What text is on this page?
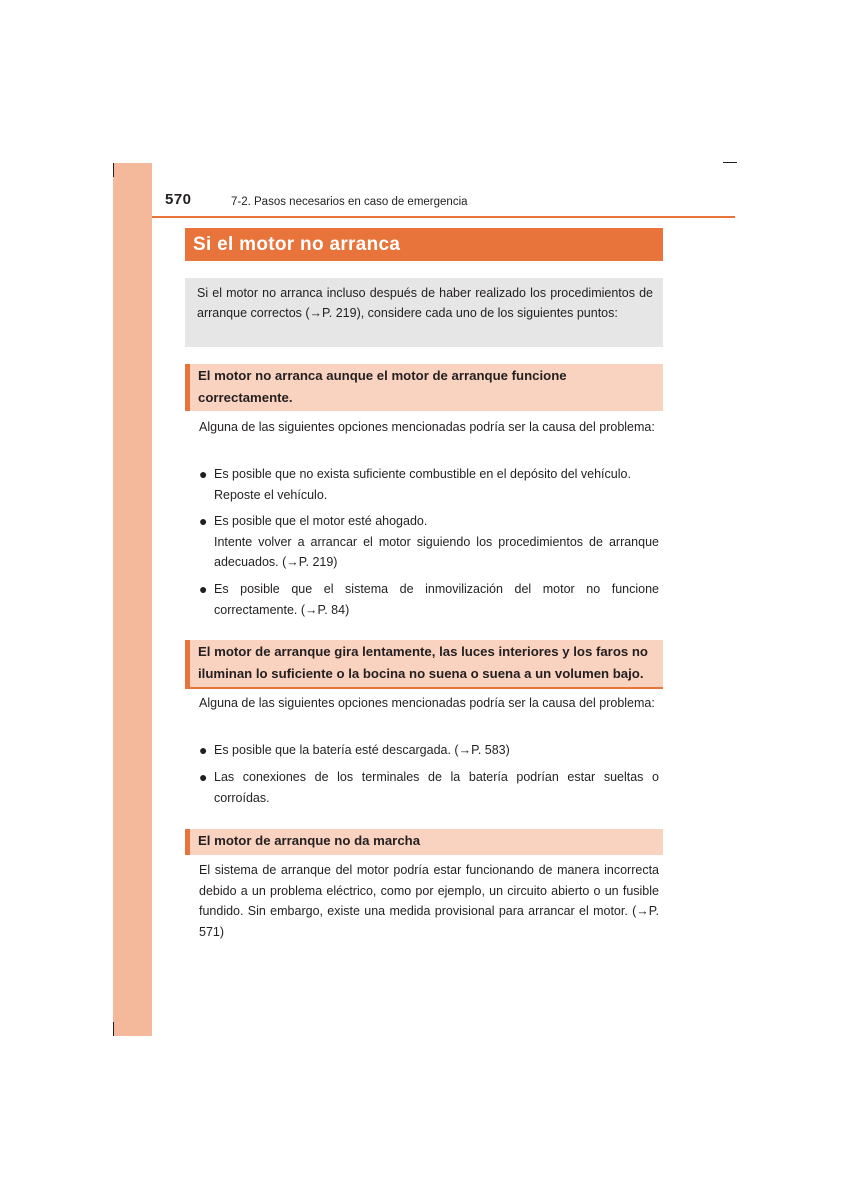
570	7-2. Pasos necesarios en caso de emergencia
Si el motor no arranca
Si el motor no arranca incluso después de haber realizado los procedimientos de arranque correctos (→P. 219), considere cada uno de los siguientes puntos:
El motor no arranca aunque el motor de arranque funcione correctamente.

Alguna de las siguientes opciones mencionadas podría ser la causa del problema:

● Es posible que no exista suficiente combustible en el depósito del vehículo.
Reposte el vehículo.
● Es posible que el motor esté ahogado.
Intente volver a arrancar el motor siguiendo los procedimientos de arranque adecuados. (→P. 219)
● Es posible que el sistema de inmovilización del motor no funcione correctamente. (→P. 84)
El motor de arranque gira lentamente, las luces interiores y los faros no iluminan lo suficiente o la bocina no suena o suena a un volumen bajo.

Alguna de las siguientes opciones mencionadas podría ser la causa del problema:

● Es posible que la batería esté descargada. (→P. 583)
● Las conexiones de los terminales de la batería podrían estar sueltas o corroídas.
El motor de arranque no da marcha

El sistema de arranque del motor podría estar funcionando de manera incorrecta debido a un problema eléctrico, como por ejemplo, un circuito abierto o un fusible fundido. Sin embargo, existe una medida provisional para arrancar el motor. (→P. 571)
